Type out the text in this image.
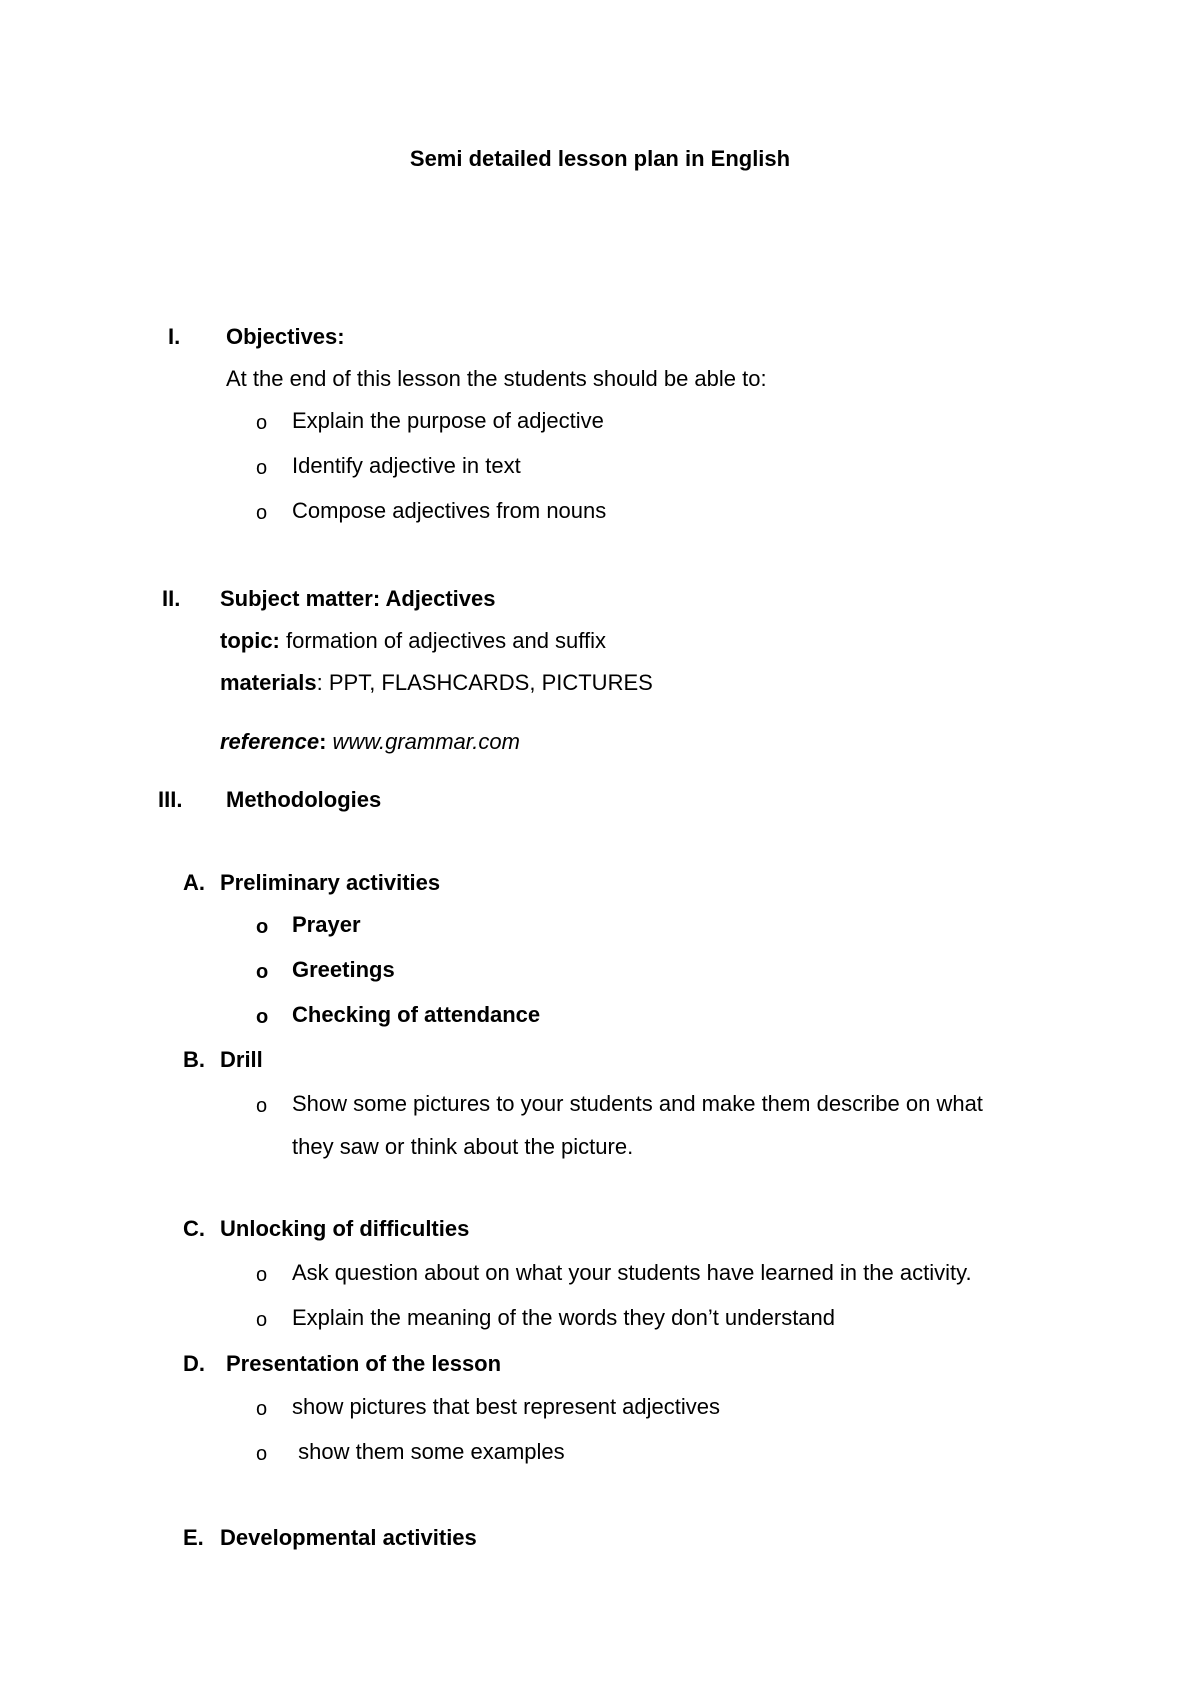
Semi detailed lesson plan in English
I. Objectives:
At the end of this lesson the students should be able to:
o Explain the purpose of adjective
o Identify adjective in text
o Compose adjectives from nouns
II. Subject matter: Adjectives
topic: formation of adjectives and suffix
materials: PPT, FLASHCARDS, PICTURES
reference: www.grammar.com
III. Methodologies
A. Preliminary activities
o Prayer
o Greetings
o Checking of attendance
B. Drill
o Show some pictures to your students and make them describe on what
they saw or think about the picture.
C. Unlocking of difficulties
o Ask question about on what your students have learned in the activity.
o Explain the meaning of the words they don’t understand
D. Presentation of the lesson
o show pictures that best represent adjectives
o show them some examples
E. Developmental activities
